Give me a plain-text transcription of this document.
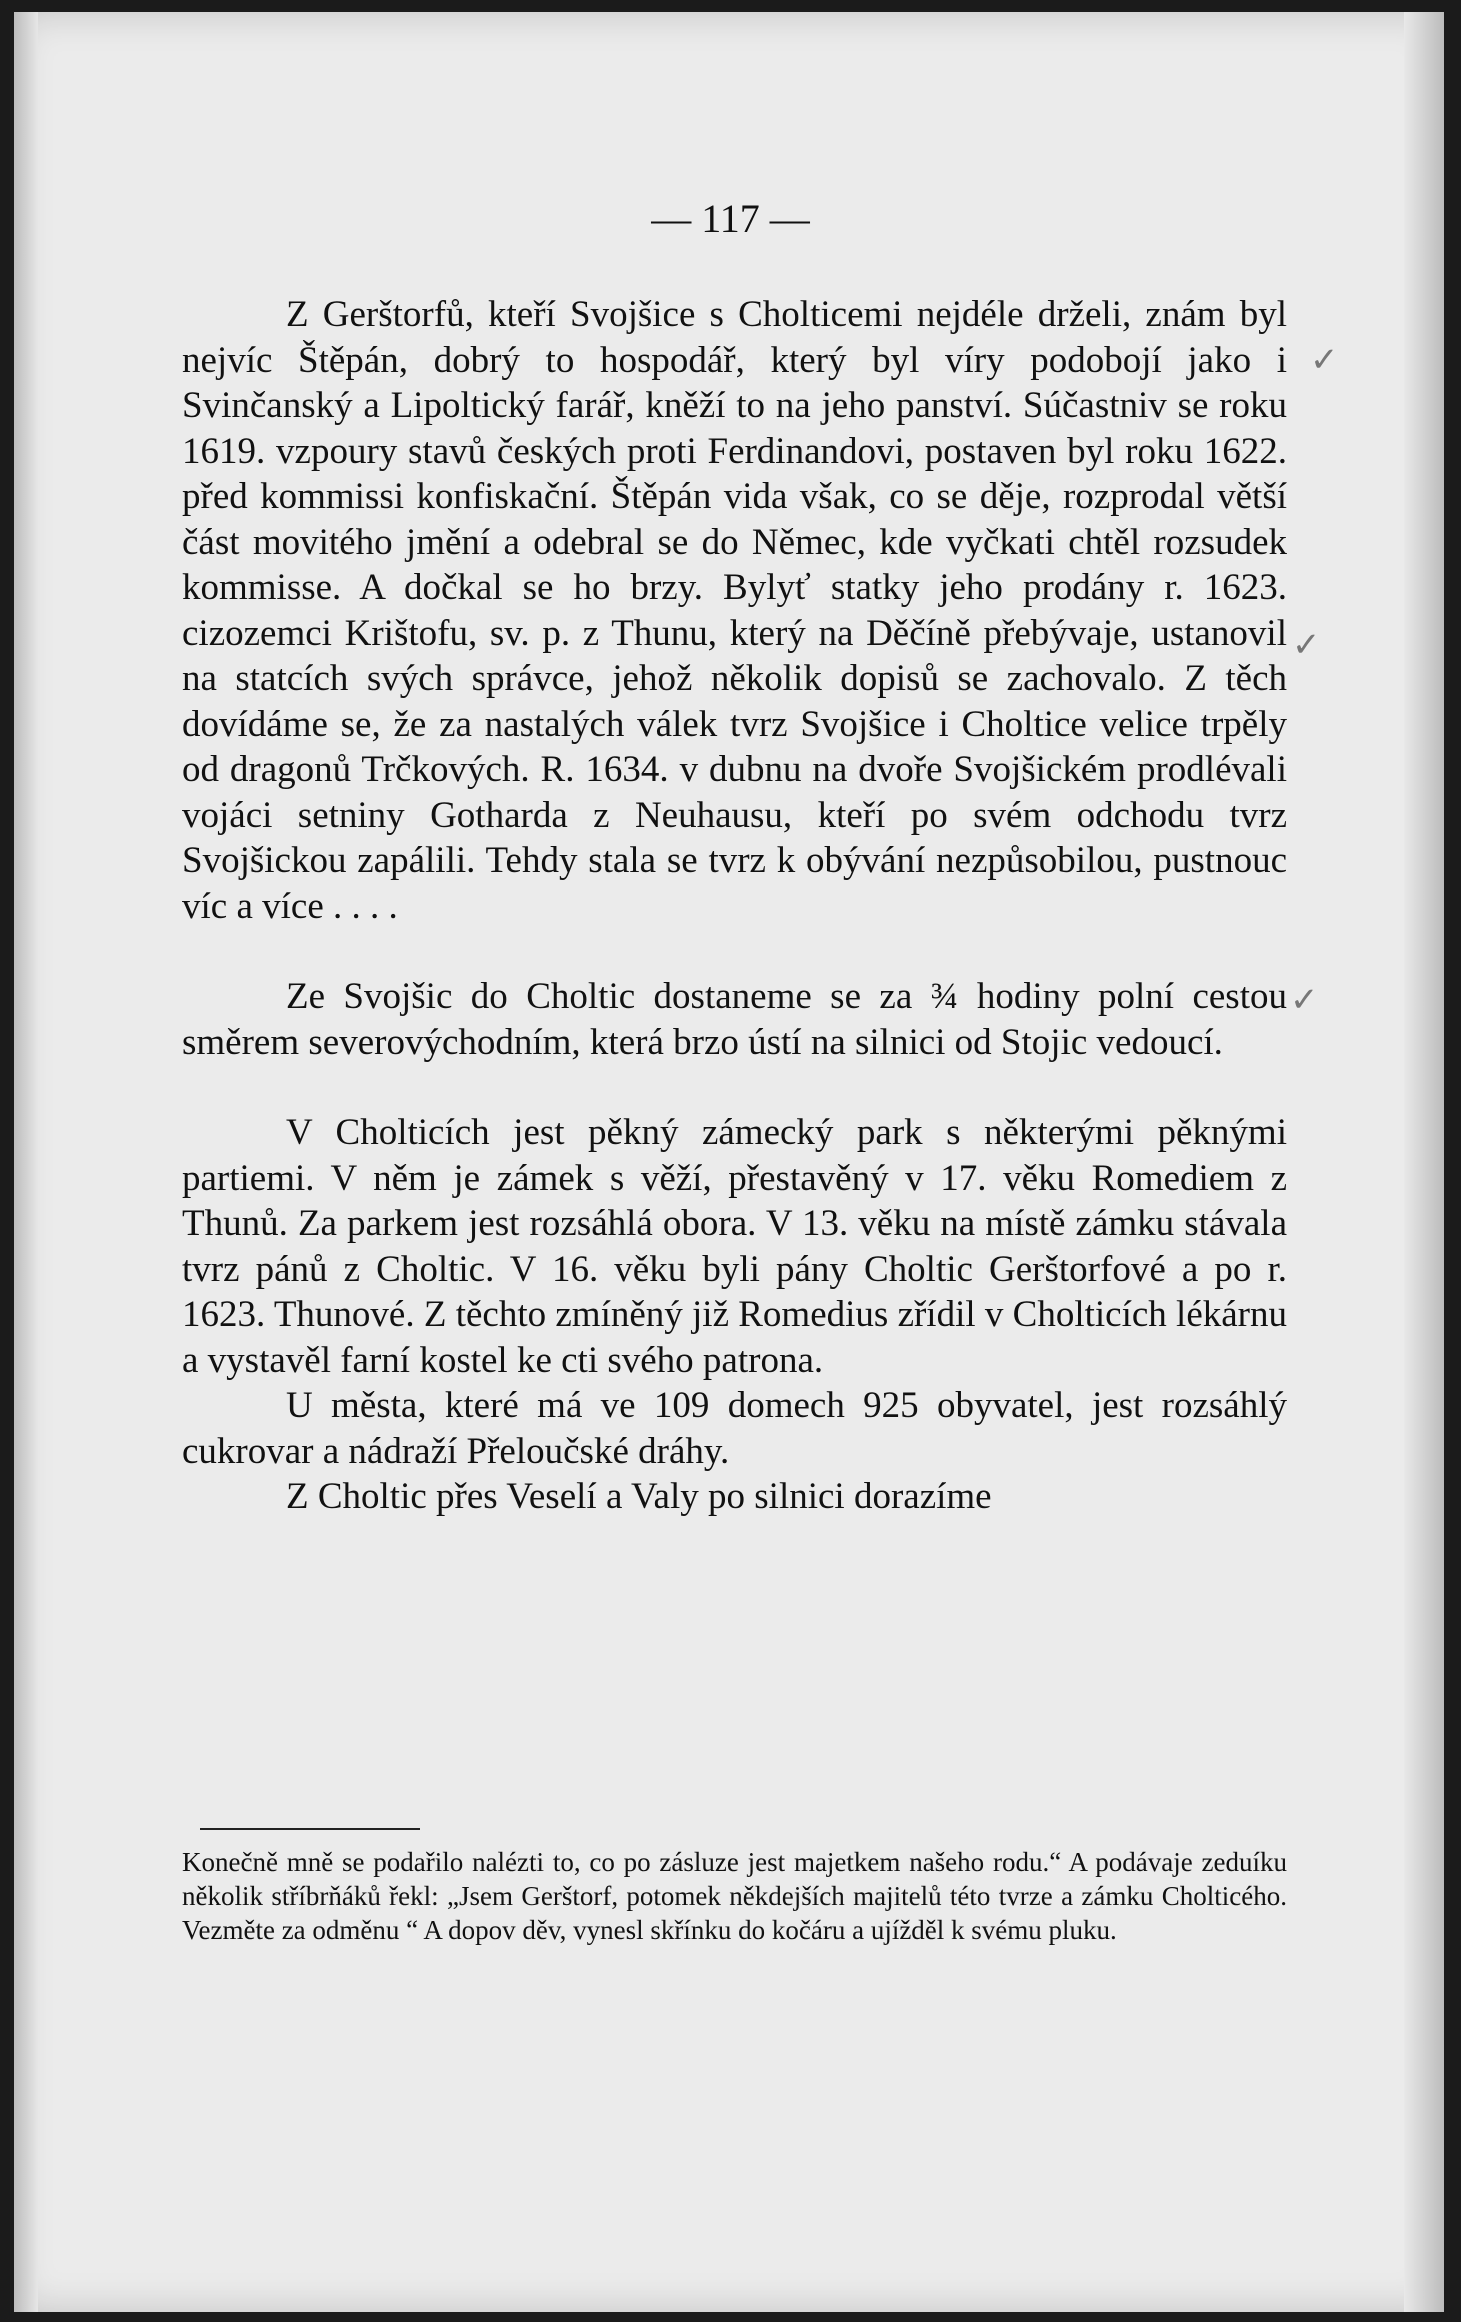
— 117 —

Z Gerštorfů, kteří Svojšice s Cholticemi nejdéle drželi, znám byl nejvíc Štěpán, dobrý to hospodář, který byl víry podobojí jako i Svinčanský a Lipoltický farář, kněží to na jeho panství. Súčastniv se roku 1619. vzpoury stavů českých proti Ferdinandovi, postaven byl roku 1622. před kommissi konfiskační. Štěpán vida však, co se děje, rozprodal větší část movitého jmění a odebral se do Němec, kde vyčkati chtěl rozsudek kommisse. A dočkal se ho brzy. Bylyť statky jeho prodány r. 1623. cizozemci Krištofu, sv. p. z Thunu, který na Děčíně přebývaje, ustanovil na statcích svých správce, jehož několik dopisů se zachovalo. Z těch dovídáme se, že za nastalých válek tvrz Svojšice i Choltice velice trpěly od dragonů Trčkových. R. 1634. v dubnu na dvoře Svojšickém prodlévali vojáci setniny Gotharda z Neuhausu, kteří po svém odchodu tvrz Svojšickou zapálili. Tehdy stala se tvrz k obývání nezpůsobilou, pustnouc víc a více . . . .

Ze Svojšic do Choltic dostaneme se za ¾ hodiny polní cestou směrem severovýchodním, která brzo ústí na silnici od Stojic vedoucí.

V Cholticích jest pěkný zámecký park s některými pěknými partiemi. V něm je zámek s věží, přestavěný v 17. věku Romediem z Thunů. Za parkem jest rozsáhlá obora. V 13. věku na místě zámku stávala tvrz pánů z Choltic. V 16. věku byli pány Choltic Gerštorfové a po r. 1623. Thunové. Z těchto zmíněný již Romedius zřídil v Cholticích lékárnu a vystavěl farní kostel ke cti svého patrona.

U města, které má ve 109 domech 925 obyvatel, jest rozsáhlý cukrovar a nádraží Přeloučské dráhy.

Z Choltic přes Veselí a Valy po silnici dorazíme

Konečně mně se podařilo nalézti to, co po zásluze jest majetkem našeho rodu.“ A podávaje zeduíku několik stříbrňáků řekl: „Jsem Gerštorf, potomek někdejších majitelů této tvrze a zámku Cholticého. Vezměte za odměnu “ A dopov děv, vynesl skřínku do kočáru a ujížděl k svému pluku.

✓
✓
✓
